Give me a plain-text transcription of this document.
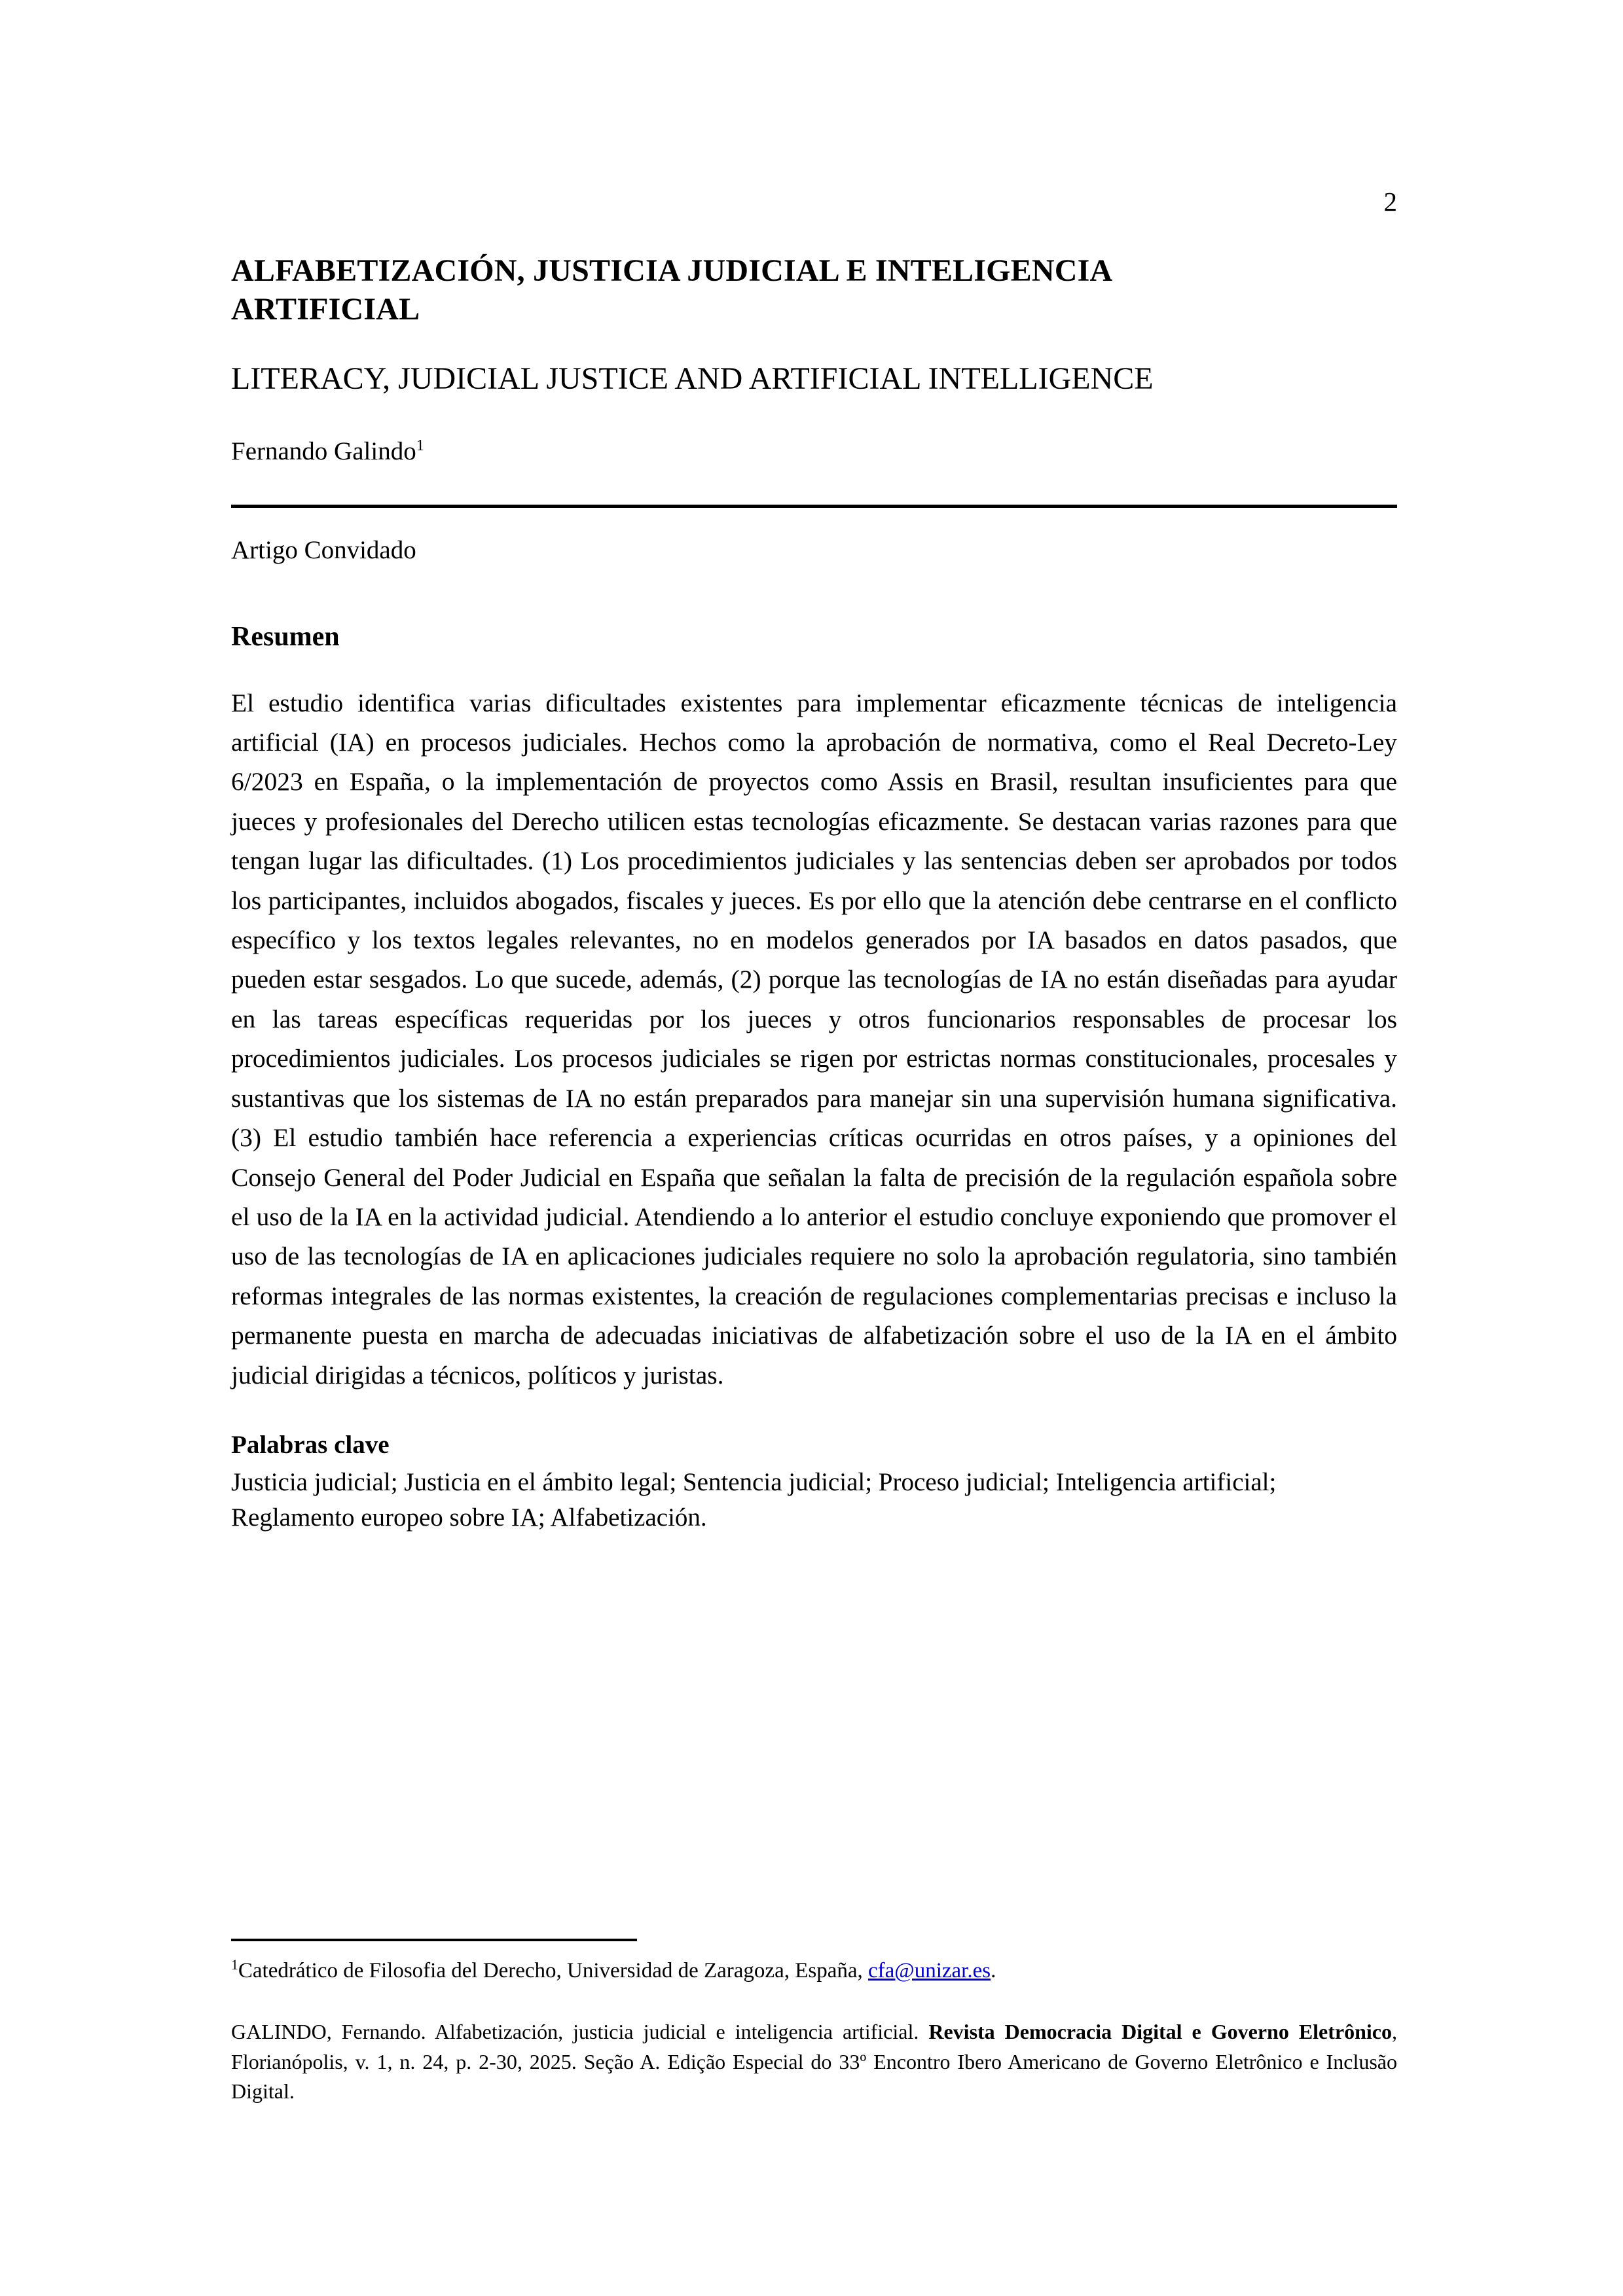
2
ALFABETIZACIÓN, JUSTICIA JUDICIAL E INTELIGENCIA ARTIFICIAL
LITERACY, JUDICIAL JUSTICE AND ARTIFICIAL INTELLIGENCE

Fernando Galindo$^1$

Artigo Convidado

Resumen

El estudio identifica varias dificultades existentes para implementar eficazmente técnicas de inteligencia artificial (IA) en procesos judiciales. Hechos como la aprobación de normativa, como el Real Decreto-Ley 6/2023 en España, o la implementación de proyectos como Assis en Brasil, resultan insuficientes para que jueces y profesionales del Derecho utilicen estas tecnologías eficazmente. Se destacan varias razones para que tengan lugar las dificultades. (1) Los procedimientos judiciales y las sentencias deben ser aprobados por todos los participantes, incluidos abogados, fiscales y jueces. Es por ello que la atención debe centrarse en el conflicto específico y los textos legales relevantes, no en modelos generados por IA basados en datos pasados, que pueden estar sesgados. Lo que sucede, además, (2) porque las tecnologías de IA no están diseñadas para ayudar en las tareas específicas requeridas por los jueces y otros funcionarios responsables de procesar los procedimientos judiciales. Los procesos judiciales se rigen por estrictas normas constitucionales, procesales y sustantivas que los sistemas de IA no están preparados para manejar sin una supervisión humana significativa. (3) El estudio también hace referencia a experiencias críticas ocurridas en otros países, y a opiniones del Consejo General del Poder Judicial en España que señalan la falta de precisión de la regulación española sobre el uso de la IA en la actividad judicial. Atendiendo a lo anterior el estudio concluye exponiendo que promover el uso de las tecnologías de IA en aplicaciones judiciales requiere no solo la aprobación regulatoria, sino también reformas integrales de las normas existentes, la creación de regulaciones complementarias precisas e incluso la permanente puesta en marcha de adecuadas iniciativas de alfabetización sobre el uso de la IA en el ámbito judicial dirigidas a técnicos, políticos y juristas.

Palabras clave

Justicia judicial; Justicia en el ámbito legal; Sentencia judicial; Proceso judicial; Inteligencia artificial; Reglamento europeo sobre IA; Alfabetización.

$^1$Catedrático de Filosofia del Derecho, Universidad de Zaragoza, España, cfa@unizar.es.

GALINDO, Fernando. Alfabetización, justicia judicial e inteligencia artificial. Revista Democracia Digital e Governo Eletrônico, Florianópolis, v. 1, n. 24, p. 2-30, 2025. Seção A. Edição Especial do 33º Encontro Ibero Americano de Governo Eletrônico e Inclusão Digital.
